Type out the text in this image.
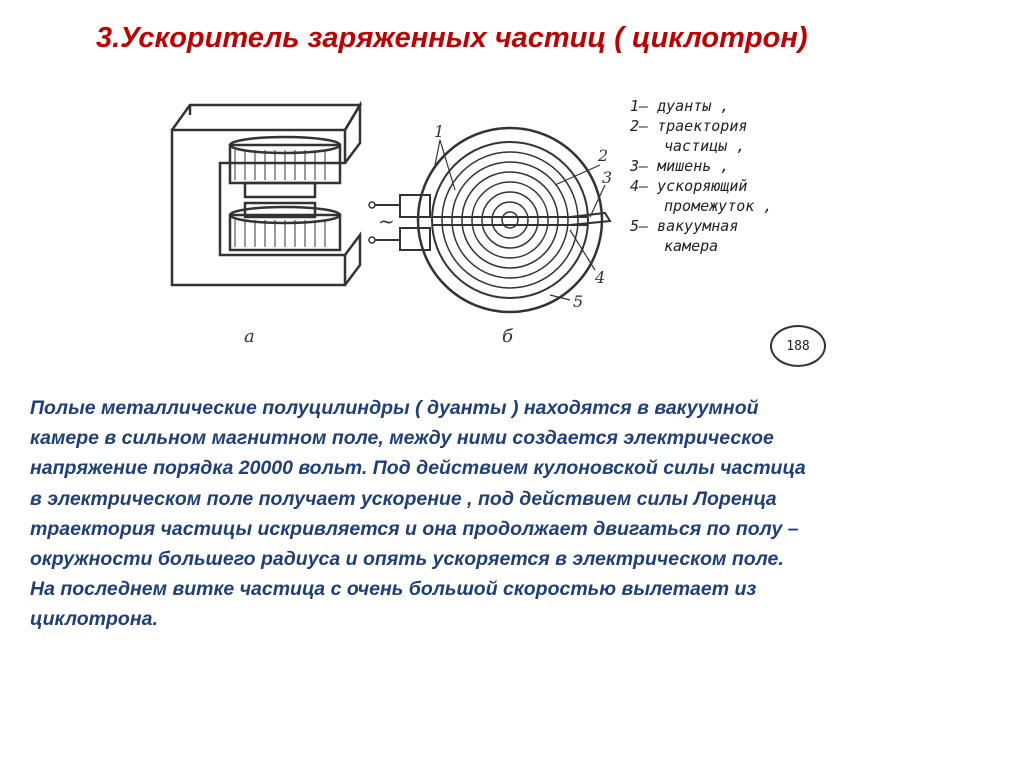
3.Ускоритель заряженных частиц ( циклотрон)
1
2
3
4
5
~
1– дуанты ,
2– траектория
частицы ,
3– мишень ,
4– ускоряющий
промежуток ,
5– вакуумная
камера
а	б	188
Полые металлические полуцилиндры ( дуанты ) находятся в вакуумной
камере в сильном магнитном поле, между ними создается электрическое
напряжение порядка 20000 вольт. Под действием кулоновской силы частица
в электрическом поле получает ускорение , под действием силы Лоренца
траектория частицы искривляется и она продолжает двигаться по полу –
окружности большего радиуса и опять ускоряется в электрическом поле.
На последнем витке частица с очень большой скоростью вылетает из
циклотрона.
